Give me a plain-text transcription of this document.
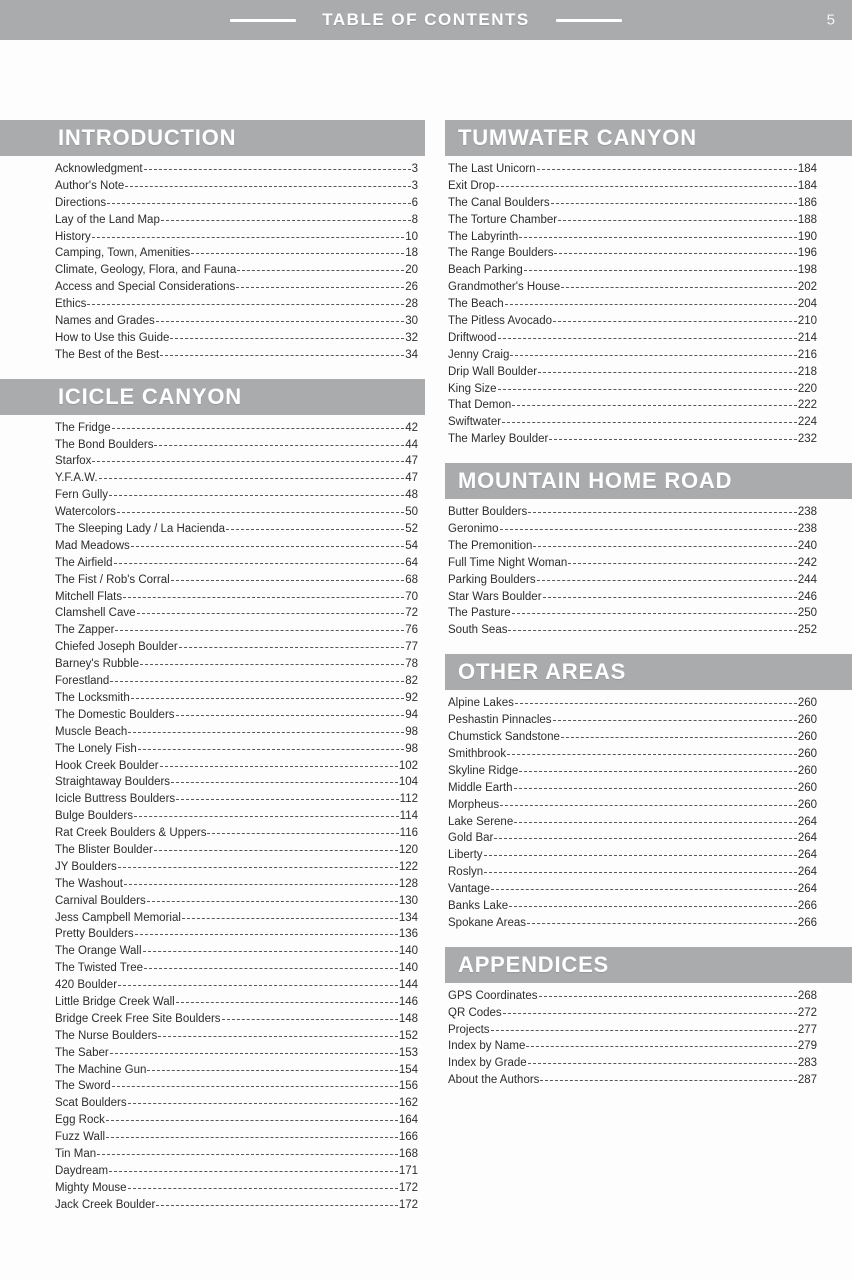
TABLE OF CONTENTS	5
INTRODUCTION
Acknowledgment	3
Author's Note	3
Directions	6
Lay of the Land Map	8
History	10
Camping, Town, Amenities	18
Climate, Geology, Flora, and Fauna	20
Access and Special Considerations	26
Ethics	28
Names and Grades	30
How to Use this Guide	32
The Best of the Best	34
ICICLE CANYON
The Fridge	42
The Bond Boulders	44
Starfox	47
Y.F.A.W.	47
Fern Gully	48
Watercolors	50
The Sleeping Lady / La Hacienda	52
Mad Meadows	54
The Airfield	64
The Fist / Rob's Corral	68
Mitchell Flats	70
Clamshell Cave	72
The Zapper	76
Chiefed Joseph Boulder	77
Barney's Rubble	78
Forestland	82
The Locksmith	92
The Domestic Boulders	94
Muscle Beach	98
The Lonely Fish	98
Hook Creek Boulder	102
Straightaway Boulders	104
Icicle Buttress Boulders	112
Bulge Boulders	114
Rat Creek Boulders & Uppers	116
The Blister Boulder	120
JY Boulders	122
The Washout	128
Carnival Boulders	130
Jess Campbell Memorial	134
Pretty Boulders	136
The Orange Wall	140
The Twisted Tree	140
420 Boulder	144
Little Bridge Creek Wall	146
Bridge Creek Free Site Boulders	148
The Nurse Boulders	152
The Saber	153
The Machine Gun	154
The Sword	156
Scat Boulders	162
Egg Rock	164
Fuzz Wall	166
Tin Man	168
Daydream	171
Mighty Mouse	172
Jack Creek Boulder	172
TUMWATER CANYON
The Last Unicorn	184
Exit Drop	184
The Canal Boulders	186
The Torture Chamber	188
The Labyrinth	190
The Range Boulders	196
Beach Parking	198
Grandmother's House	202
The Beach	204
The Pitless Avocado	210
Driftwood	214
Jenny Craig	216
Drip Wall Boulder	218
King Size	220
That Demon	222
Swiftwater	224
The Marley Boulder	232
MOUNTAIN HOME ROAD
Butter Boulders	238
Geronimo	238
The Premonition	240
Full Time Night Woman	242
Parking Boulders	244
Star Wars Boulder	246
The Pasture	250
South Seas	252
OTHER AREAS
Alpine Lakes	260
Peshastin Pinnacles	260
Chumstick Sandstone	260
Smithbrook	260
Skyline Ridge	260
Middle Earth	260
Morpheus	260
Lake Serene	264
Gold Bar	264
Liberty	264
Roslyn	264
Vantage	264
Banks Lake	266
Spokane Areas	266
APPENDICES
GPS Coordinates	268
QR Codes	272
Projects	277
Index by Name	279
Index by Grade	283
About the Authors	287
